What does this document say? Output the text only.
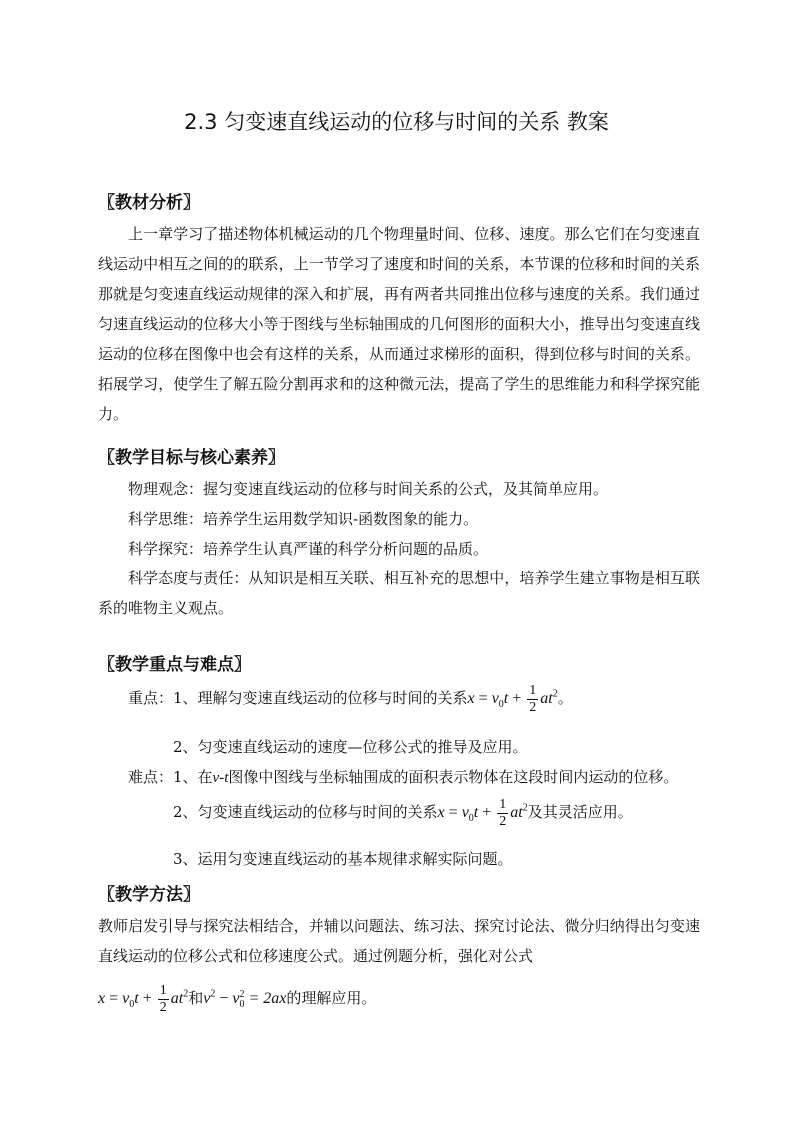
2.3 匀变速直线运动的位移与时间的关系 教案
〖教材分析〗

上一章学习了描述物体机械运动的几个物理量时间、位移、速度。那么它们在匀变速直线运动中相互之间的的联系，上一节学习了速度和时间的关系，本节课的位移和时间的关系那就是匀变速直线运动规律的深入和扩展，再有两者共同推出位移与速度的关系。我们通过匀速直线运动的位移大小等于图线与坐标轴围成的几何图形的面积大小，推导出匀变速直线运动的位移在图像中也会有这样的关系，从而通过求梯形的面积，得到位移与时间的关系。拓展学习，使学生了解五险分割再求和的这种微元法，提高了学生的思维能力和科学探究能力。

〖教学目标与核心素养〗
物理观念：握匀变速直线运动的位移与时间关系的公式，及其简单应用。
科学思维：培养学生运用数学知识-函数图象的能力。
科学探究：培养学生认真严谨的科学分析问题的品质。

科学态度与责任：从知识是相互关联、相互补充的思想中，培养学生建立事物是相互联系的唯物主义观点。

〖教学重点与难点〗
重点：1、理解匀变速直线运动的位移与时间的关系$x = v_0t + \frac{1}{2} at^2$。
2、匀变速直线运动的速度—位移公式的推导及应用。
难点：1、在v-t图像中图线与坐标轴围成的面积表示物体在这段时间内运动的位移。
2、匀变速直线运动的位移与时间的关系$x = v_0t + \frac{1}{2} at^2$及其灵活应用。
3、运用匀变速直线运动的基本规律求解实际问题。
〖教学方法〗

教师启发引导与探究法相结合，并辅以问题法、练习法、探究讨论法、微分归纳得出匀变速直线运动的位移公式和位移速度公式。通过例题分析，强化对公式

$x = v_0t + \frac{1}{2} at^2$和$v^2 - v_0^2 = 2ax$的理解应用。
